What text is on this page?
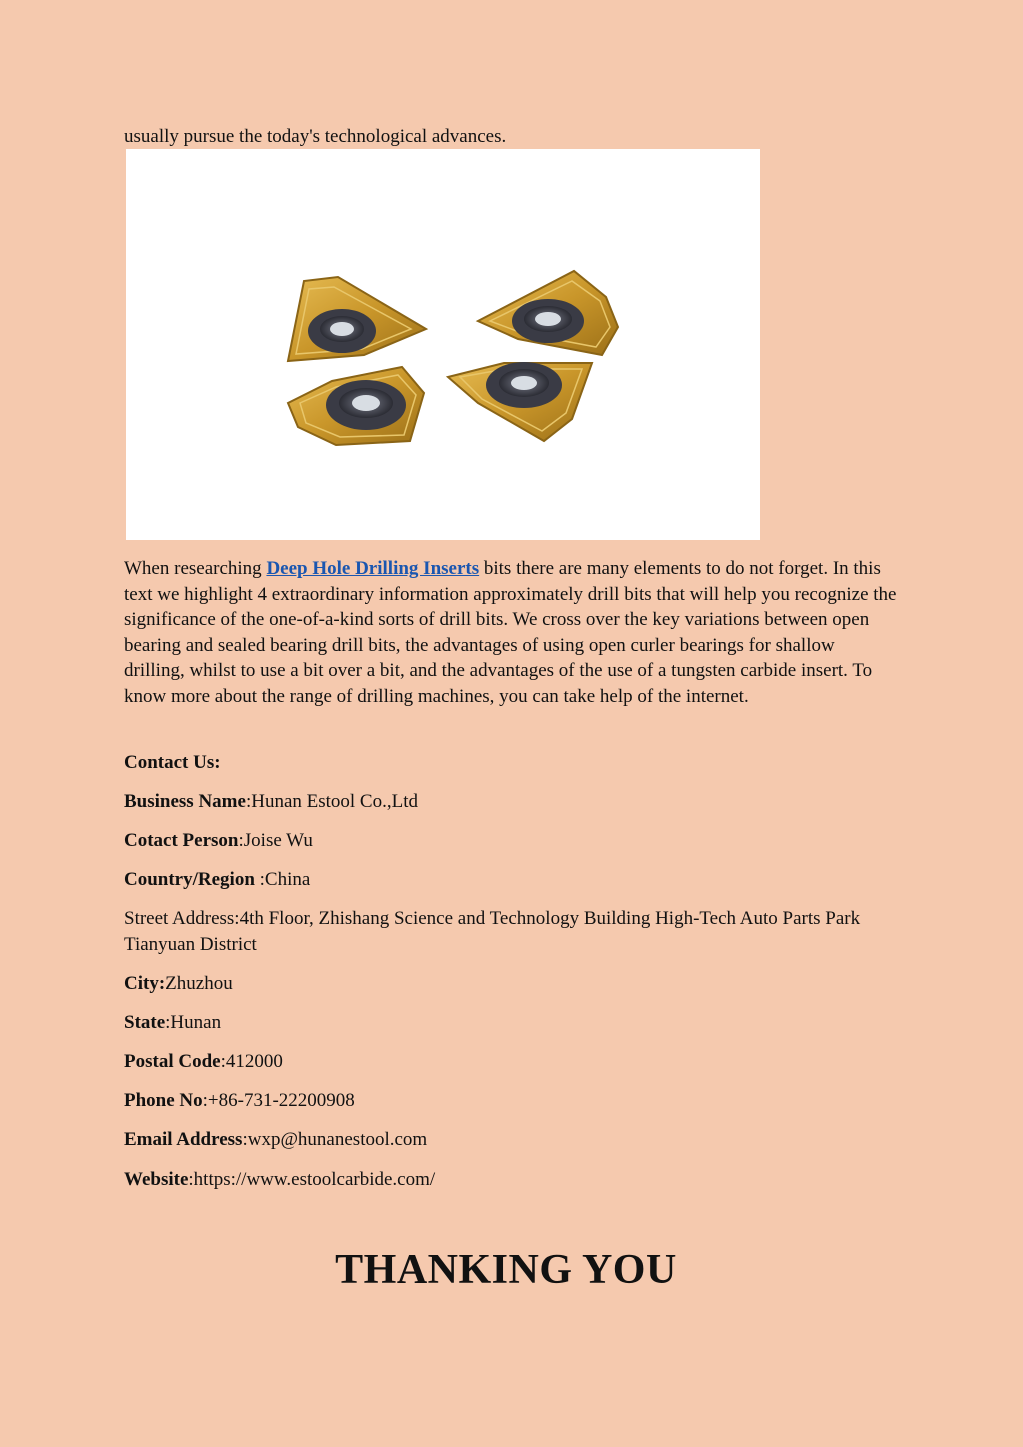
usually pursue the today's technological advances.

When researching Deep Hole Drilling Inserts bits there are many elements to do not forget. In this text we highlight 4 extraordinary information approximately drill bits that will help you recognize the significance of the one-of-a-kind sorts of drill bits. We cross over the key variations between open bearing and sealed bearing drill bits, the advantages of using open curler bearings for shallow drilling, whilst to use a bit over a bit, and the advantages of the use of a tungsten carbide insert. To know more about the range of drilling machines, you can take help of the internet.

Contact Us:

Business Name:Hunan Estool Co.,Ltd

Cotact Person:Joise Wu

Country/Region :China

Street Address:4th Floor, Zhishang Science and Technology Building High-Tech Auto Parts Park Tianyuan District

City:Zhuzhou

State:Hunan

Postal Code:412000

Phone No:+86-731-22200908

Email Address:wxp@hunanestool.com

Website:https://www.estoolcarbide.com/

THANKING YOU
